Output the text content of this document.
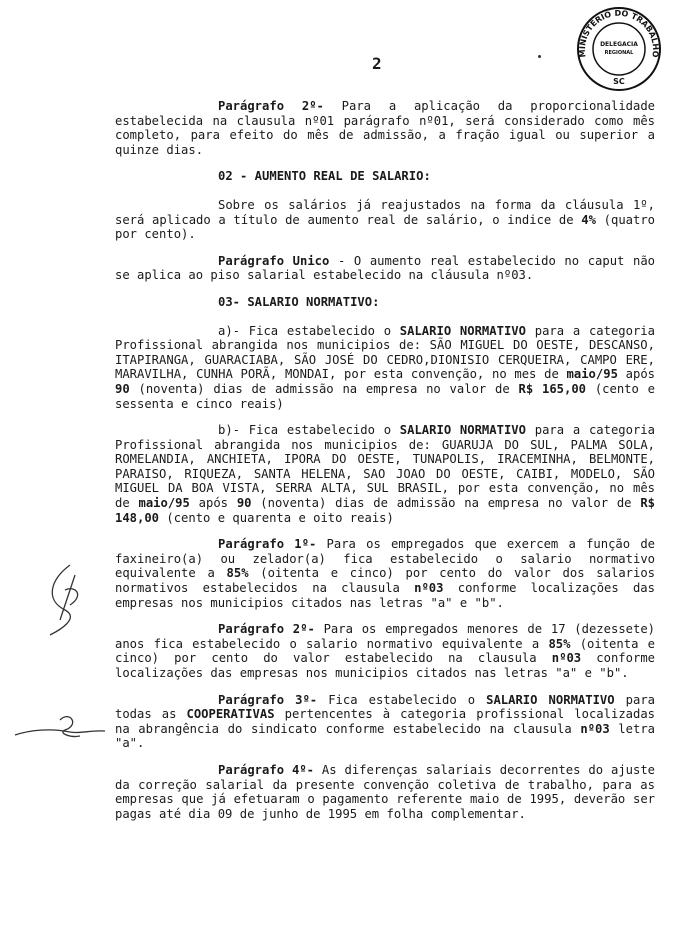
MINISTÉRIO DO TRABALHO
DELEGACIA
REGIONAL
SC
2

Parágrafo 2º- Para a aplicação da proporcionalidade estabelecida na clausula nº01 parágrafo nº01, será considerado como mês completo, para efeito do mês de admissão, a fração igual ou superior a quinze dias.

02 - AUMENTO REAL DE SALARIO:

Sobre os salários já reajustados na forma da cláusula 1º, será aplicado a título de aumento real de salário, o indice de 4% (quatro por cento).

Parágrafo Unico - O aumento real estabelecido no caput não se aplica ao piso salarial estabelecido na cláusula nº03.

03- SALARIO NORMATIVO:

a)- Fica estabelecido o SALARIO NORMATIVO para a categoria Profissional abrangida nos municipios de: SÃO MIGUEL DO OESTE, DESCANSO, ITAPIRANGA, GUARACIABA, SÃO JOSÉ DO CEDRO,DIONISIO CERQUEIRA, CAMPO ERE, MARAVILHA, CUNHA PORÃ, MONDAI, por esta convenção, no mes de maio/95 após 90 (noventa) dias de admissão na empresa no valor de R$ 165,00 (cento e sessenta e cinco reais)

b)- Fica estabelecido o SALARIO NORMATIVO para a categoria Profissional abrangida nos municipios de: GUARUJA DO SUL, PALMA SOLA, ROMELANDIA, ANCHIETA, IPORA DO OESTE, TUNAPOLIS, IRACEMINHA, BELMONTE, PARAISO, RIQUEZA, SANTA HELENA, SAO JOAO DO OESTE, CAIBI, MODELO, SÃO MIGUEL DA BOA VISTA, SERRA ALTA, SUL BRASIL, por esta convenção, no mês de maio/95 após 90 (noventa) dias de admissão na empresa no valor de R$ 148,00 (cento e quarenta e oito reais)

Parágrafo 1º- Para os empregados que exercem a função de faxineiro(a) ou zelador(a) fica estabelecido o salario normativo equivalente a 85% (oitenta e cinco) por cento do valor dos salarios normativos estabelecidos na clausula nº03 conforme localizações das empresas nos municipios citados nas letras "a" e "b".

Parágrafo 2º- Para os empregados menores de 17 (dezessete) anos fica estabelecido o salario normativo equivalente a 85% (oitenta e cinco) por cento do valor estabelecido na clausula nº03 conforme localizações das empresas nos municipios citados nas letras "a" e "b".

Parágrafo 3º- Fica estabelecido o SALARIO NORMATIVO para todas as COOPERATIVAS pertencentes à categoria profissional localizadas na abrangência do sindicato conforme estabelecido na clausula nº03 letra "a".

Parágrafo 4º- As diferenças salariais decorrentes do ajuste da correção salarial da presente convenção coletiva de trabalho, para as empresas que já efetuaram o pagamento referente maio de 1995, deverão ser pagas até dia 09 de junho de 1995 em folha complementar.
